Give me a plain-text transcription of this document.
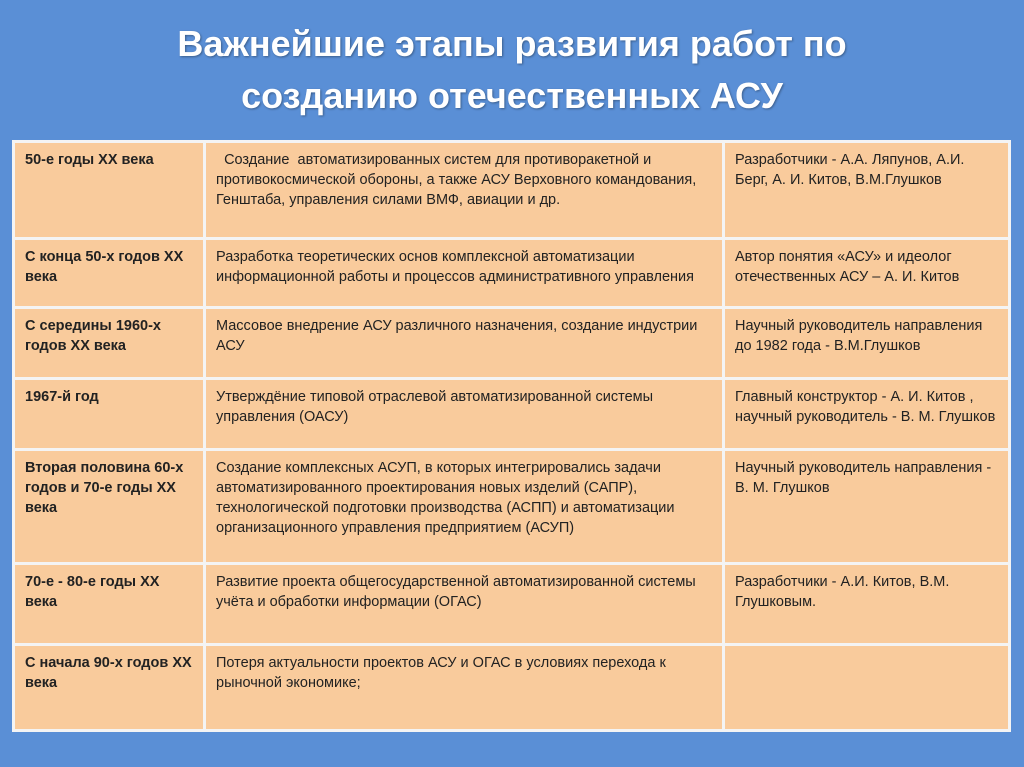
Важнейшие этапы развития работ по
созданию отечественных АСУ
50-е годы XX века	Создание  автоматизированных систем для противоракетной и противокосмической обороны, а также АСУ Верховного командования, Генштаба, управления силами ВМФ, авиации и др.	Разработчики - А.А. Ляпунов, А.И. Берг, А. И. Китов, В.М.Глушков
С конца 50-х годов XX века	Разработка теоретических основ комплексной автоматизации информационной работы и процессов административного управления	Автор понятия «АСУ» и идеолог отечественных АСУ – А. И. Китов
С середины 1960-х годов XX века	Массовое внедрение АСУ различного назначения, создание индустрии АСУ	Научный руководитель направления до 1982 года - В.М.Глушков
1967-й год	Утверждёние типовой отраслевой автоматизированной системы управления (ОАСУ)	Главный конструктор - А. И. Китов , научный руководитель - В. М. Глушков
Вторая половина 60-х годов и 70-е годы XX века	Создание комплексных АСУП, в которых интегрировались задачи автоматизированного проектирования новых изделий (САПР), технологической подготовки производства (АСПП) и автоматизации организационного управления предприятием (АСУП)	Научный руководитель направления - В. М. Глушков
70-е - 80-е годы XX века	Развитие проекта общегосударственной автоматизированной системы учёта и обработки информации (ОГАС)	Разработчики - А.И. Китов, В.М. Глушковым.
С начала 90-х годов XX века	Потеря актуальности проектов АСУ и ОГАС в условиях перехода к рыночной экономике;	
